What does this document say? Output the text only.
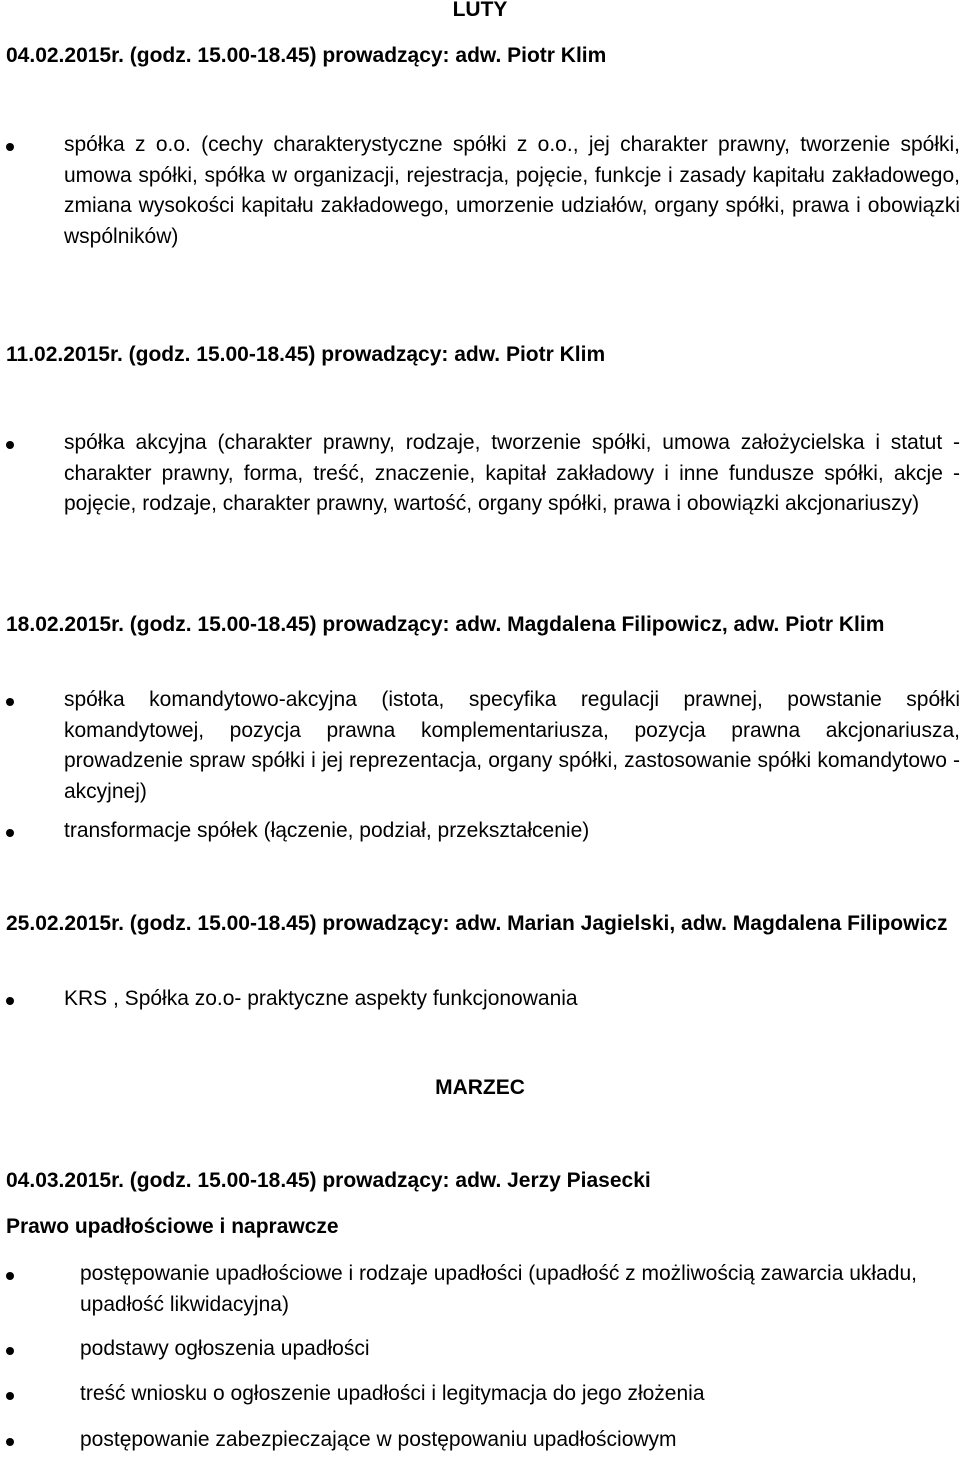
LUTY
04.02.2015r. (godz. 15.00-18.45) prowadzący: adw. Piotr Klim
spółka z o.o. (cechy charakterystyczne spółki z o.o., jej charakter prawny, tworzenie spółki, umowa spółki, spółka w organizacji, rejestracja, pojęcie, funkcje i zasady kapitału zakładowego, zmiana wysokości kapitału zakładowego, umorzenie udziałów, organy spółki, prawa i obowiązki wspólników)
11.02.2015r. (godz. 15.00-18.45) prowadzący: adw. Piotr Klim
spółka akcyjna (charakter prawny, rodzaje, tworzenie spółki, umowa założycielska i statut - charakter prawny, forma, treść, znaczenie, kapitał zakładowy i inne fundusze spółki, akcje - pojęcie, rodzaje, charakter prawny, wartość, organy spółki, prawa i obowiązki akcjonariuszy)
18.02.2015r. (godz. 15.00-18.45) prowadzący: adw. Magdalena Filipowicz, adw. Piotr Klim
spółka komandytowo-akcyjna (istota, specyfika regulacji prawnej, powstanie spółki komandytowej, pozycja prawna komplementariusza, pozycja prawna akcjonariusza, prowadzenie spraw spółki i jej reprezentacja, organy spółki, zastosowanie spółki komandytowo - akcyjnej)
transformacje spółek (łączenie, podział, przekształcenie)
25.02.2015r. (godz. 15.00-18.45) prowadzący: adw. Marian Jagielski, adw. Magdalena Filipowicz
KRS , Spółka zo.o- praktyczne aspekty funkcjonowania
MARZEC
04.03.2015r. (godz. 15.00-18.45) prowadzący: adw. Jerzy Piasecki
Prawo upadłościowe i naprawcze
postępowanie upadłościowe i rodzaje upadłości (upadłość z możliwością zawarcia układu, upadłość likwidacyjna)
podstawy ogłoszenia upadłości
treść wniosku o ogłoszenie upadłości i legitymacja do jego złożenia
postępowanie zabezpieczające w postępowaniu upadłościowym
